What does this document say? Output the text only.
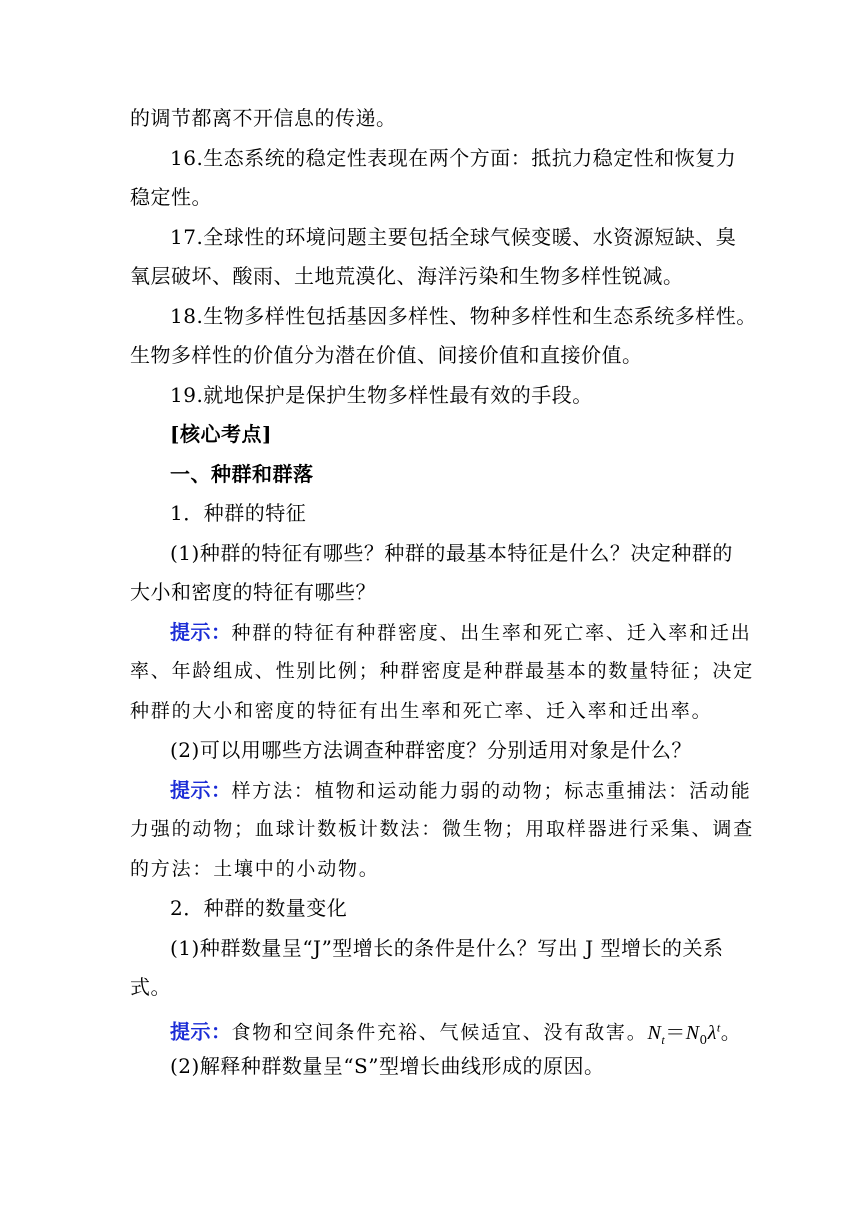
的调节都离不开信息的传递。
16.生态系统的稳定性表现在两个方面：抵抗力稳定性和恢复力
稳定性。
17.全球性的环境问题主要包括全球气候变暖、水资源短缺、臭
氧层破坏、酸雨、土地荒漠化、海洋污染和生物多样性锐减。
18.生物多样性包括基因多样性、物种多样性和生态系统多样性。
生物多样性的价值分为潜在价值、间接价值和直接价值。
19.就地保护是保护生物多样性最有效的手段。
[核心考点]
一、种群和群落
1．种群的特征
(1)种群的特征有哪些？种群的最基本特征是什么？决定种群的
大小和密度的特征有哪些？
提示：种群的特征有种群密度、出生率和死亡率、迁入率和迁出
率、年龄组成、性别比例；种群密度是种群最基本的数量特征；决定
种群的大小和密度的特征有出生率和死亡率、迁入率和迁出率。
(2)可以用哪些方法调查种群密度？分别适用对象是什么？
提示：样方法：植物和运动能力弱的动物；标志重捕法：活动能
力强的动物；血球计数板计数法：微生物；用取样器进行采集、调查
的方法：土壤中的小动物。
2．种群的数量变化
(1)种群数量呈“J”型增长的条件是什么？写出 J 型增长的关系
式。
提示：食物和空间条件充裕、气候适宜、没有敌害。$N_t=N_0\lambda^t$。
(2)解释种群数量呈“S”型增长曲线形成的原因。
